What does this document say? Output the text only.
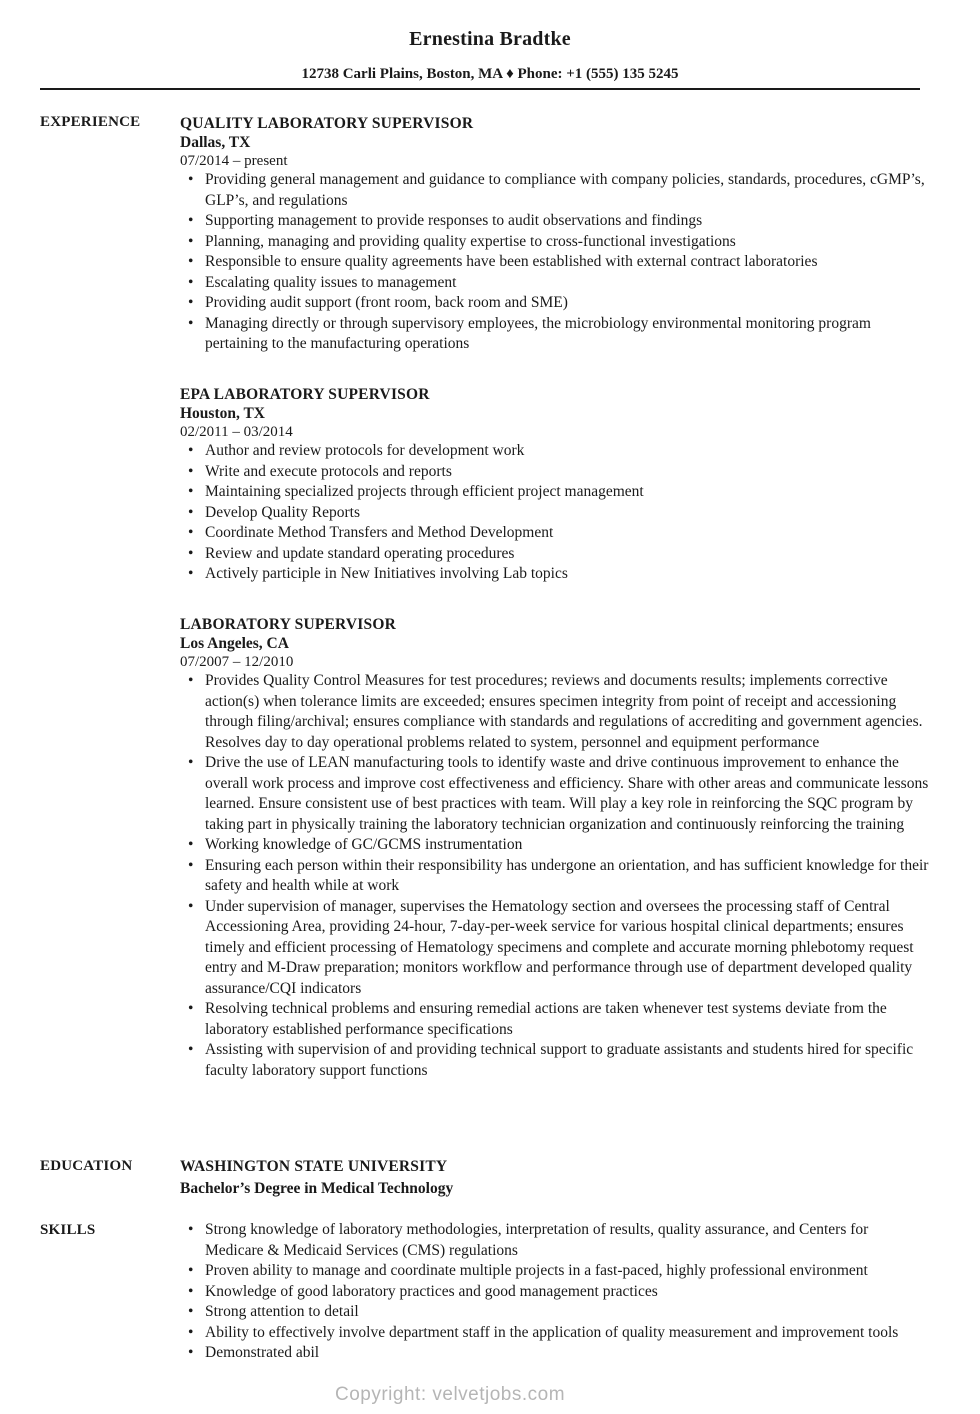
Ernestina Bradtke
12738 Carli Plains, Boston, MA ♦ Phone: +1 (555) 135 5245
EXPERIENCE	QUALITY LABORATORY SUPERVISOR
Dallas, TX
07/2014 – present
• Providing general management and guidance to compliance with company policies, standards, procedures, cGMP’s, GLP’s, and regulations
• Supporting management to provide responses to audit observations and findings
• Planning, managing and providing quality expertise to cross-functional investigations
• Responsible to ensure quality agreements have been established with external contract laboratories
• Escalating quality issues to management
• Providing audit support (front room, back room and SME)
• Managing directly or through supervisory employees, the microbiology environmental monitoring program pertaining to the manufacturing operations
EPA LABORATORY SUPERVISOR
Houston, TX
02/2011 – 03/2014
• Author and review protocols for development work
• Write and execute protocols and reports
• Maintaining specialized projects through efficient project management
• Develop Quality Reports
• Coordinate Method Transfers and Method Development
• Review and update standard operating procedures
• Actively participle in New Initiatives involving Lab topics
LABORATORY SUPERVISOR
Los Angeles, CA
07/2007 – 12/2010
• Provides Quality Control Measures for test procedures; reviews and documents results; implements corrective action(s) when tolerance limits are exceeded; ensures specimen integrity from point of receipt and accessioning through filing/archival; ensures compliance with standards and regulations of accrediting and government agencies. Resolves day to day operational problems related to system, personnel and equipment performance
• Drive the use of LEAN manufacturing tools to identify waste and drive continuous improvement to enhance the overall work process and improve cost effectiveness and efficiency. Share with other areas and communicate lessons learned. Ensure consistent use of best practices with team. Will play a key role in reinforcing the SQC program by taking part in physically training the laboratory technician organization and continuously reinforcing the training
• Working knowledge of GC/GCMS instrumentation
• Ensuring each person within their responsibility has undergone an orientation, and has sufficient knowledge for their safety and health while at work
• Under supervision of manager, supervises the Hematology section and oversees the processing staff of Central Accessioning Area, providing 24-hour, 7-day-per-week service for various hospital clinical departments; ensures timely and efficient processing of Hematology specimens and complete and accurate morning phlebotomy request entry and M-Draw preparation; monitors workflow and performance through use of department developed quality assurance/CQI indicators
• Resolving technical problems and ensuring remedial actions are taken whenever test systems deviate from the laboratory established performance specifications
• Assisting with supervision of and providing technical support to graduate assistants and students hired for specific faculty laboratory support functions
EDUCATION	WASHINGTON STATE UNIVERSITY
Bachelor’s Degree in Medical Technology
SKILLS
•	Strong knowledge of laboratory methodologies, interpretation of results, quality assurance, and Centers for Medicare & Medicaid Services (CMS) regulations
• Proven ability to manage and coordinate multiple projects in a fast-paced, highly professional environment
• Knowledge of good laboratory practices and good management practices
• Strong attention to detail
• Ability to effectively involve department staff in the application of quality measurement and improvement tools
• Demonstrated abil
Copyright: velvetjobs.com
